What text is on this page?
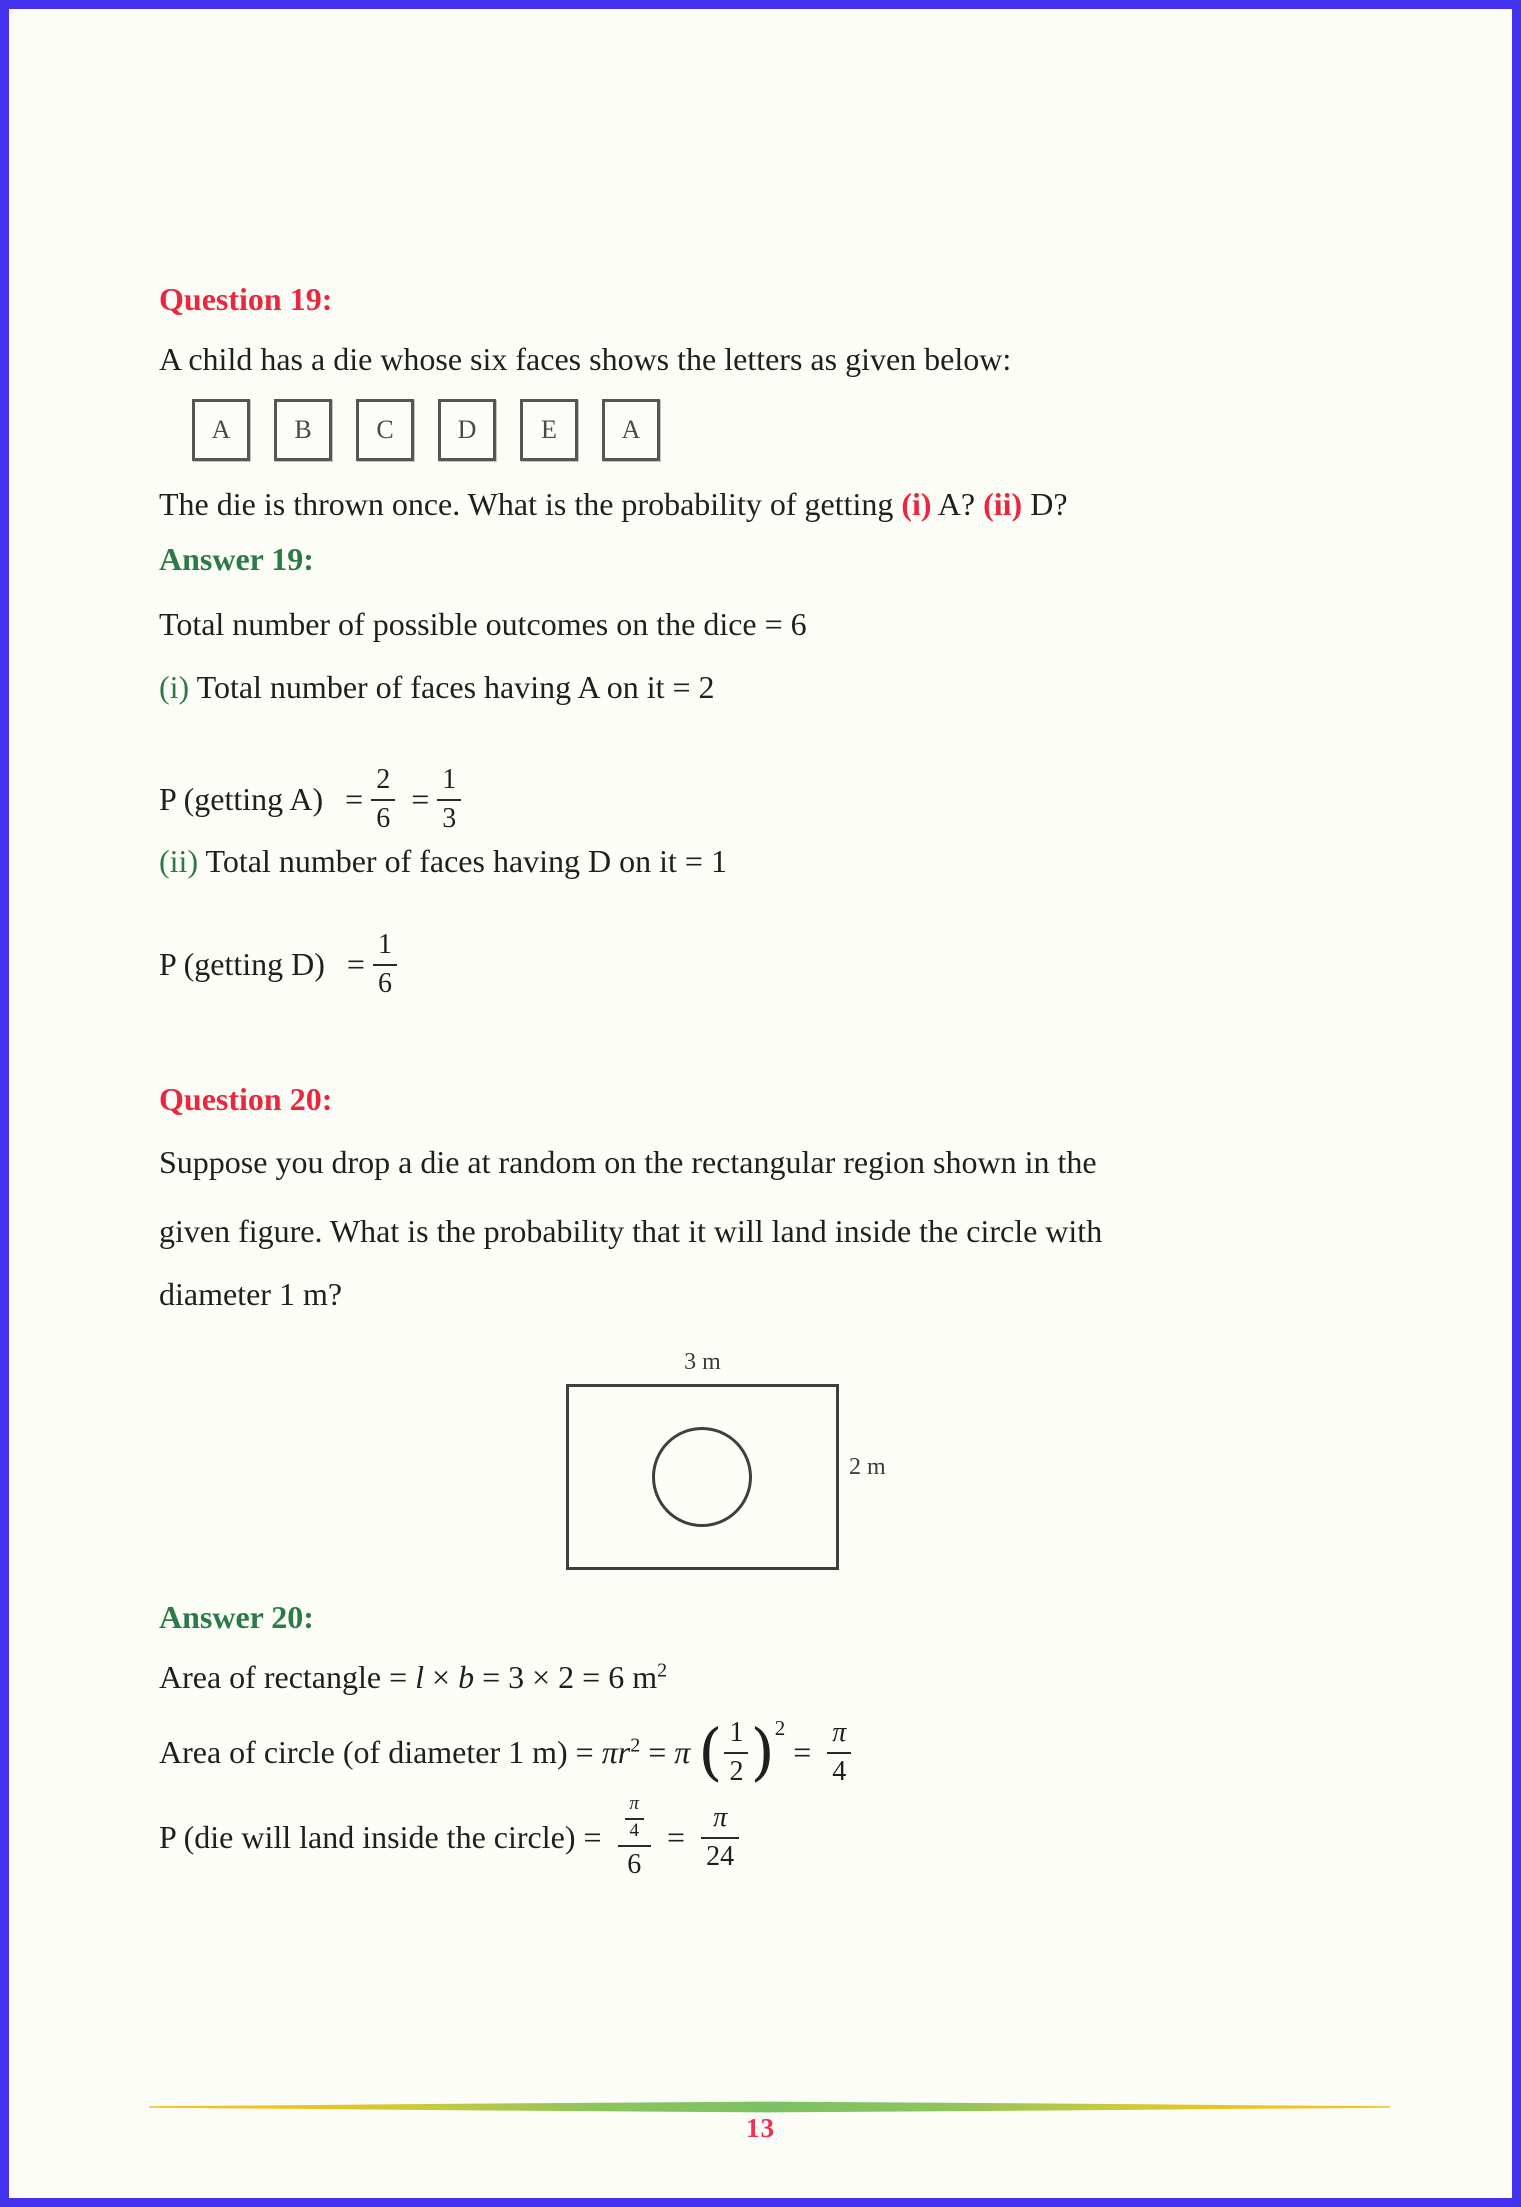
Question 19:
A child has a die whose six faces shows the letters as given below:
A B C D E A
The die is thrown once. What is the probability of getting (i) A? (ii) D?
Answer 19:
Total number of possible outcomes on the dice = 6
(i) Total number of faces having A on it = 2
P (getting $A) = \frac{2}{6} = \frac{1}{3}$
(ii) Total number of faces having D on it = 1
P (getting $D) = \frac{1}{6}$
Question 20:
Suppose you drop a die at random on the rectangular region shown in the
given figure. What is the probability that it will land inside the circle with
diameter 1 m?
3 m
2 m
Answer 20:
Area of rectangle = l × b = 3 × 2 = 6 $m^2$
Area of circle (of diameter 1 $m) = \pi r^2 = \pi$ ( $\frac{1}{2} )^2 = \frac{\pi}{4}$
P (die will land inside the circle) = $\frac{\frac{\pi}{4}}{6} = \frac{\pi}{24}$
13
